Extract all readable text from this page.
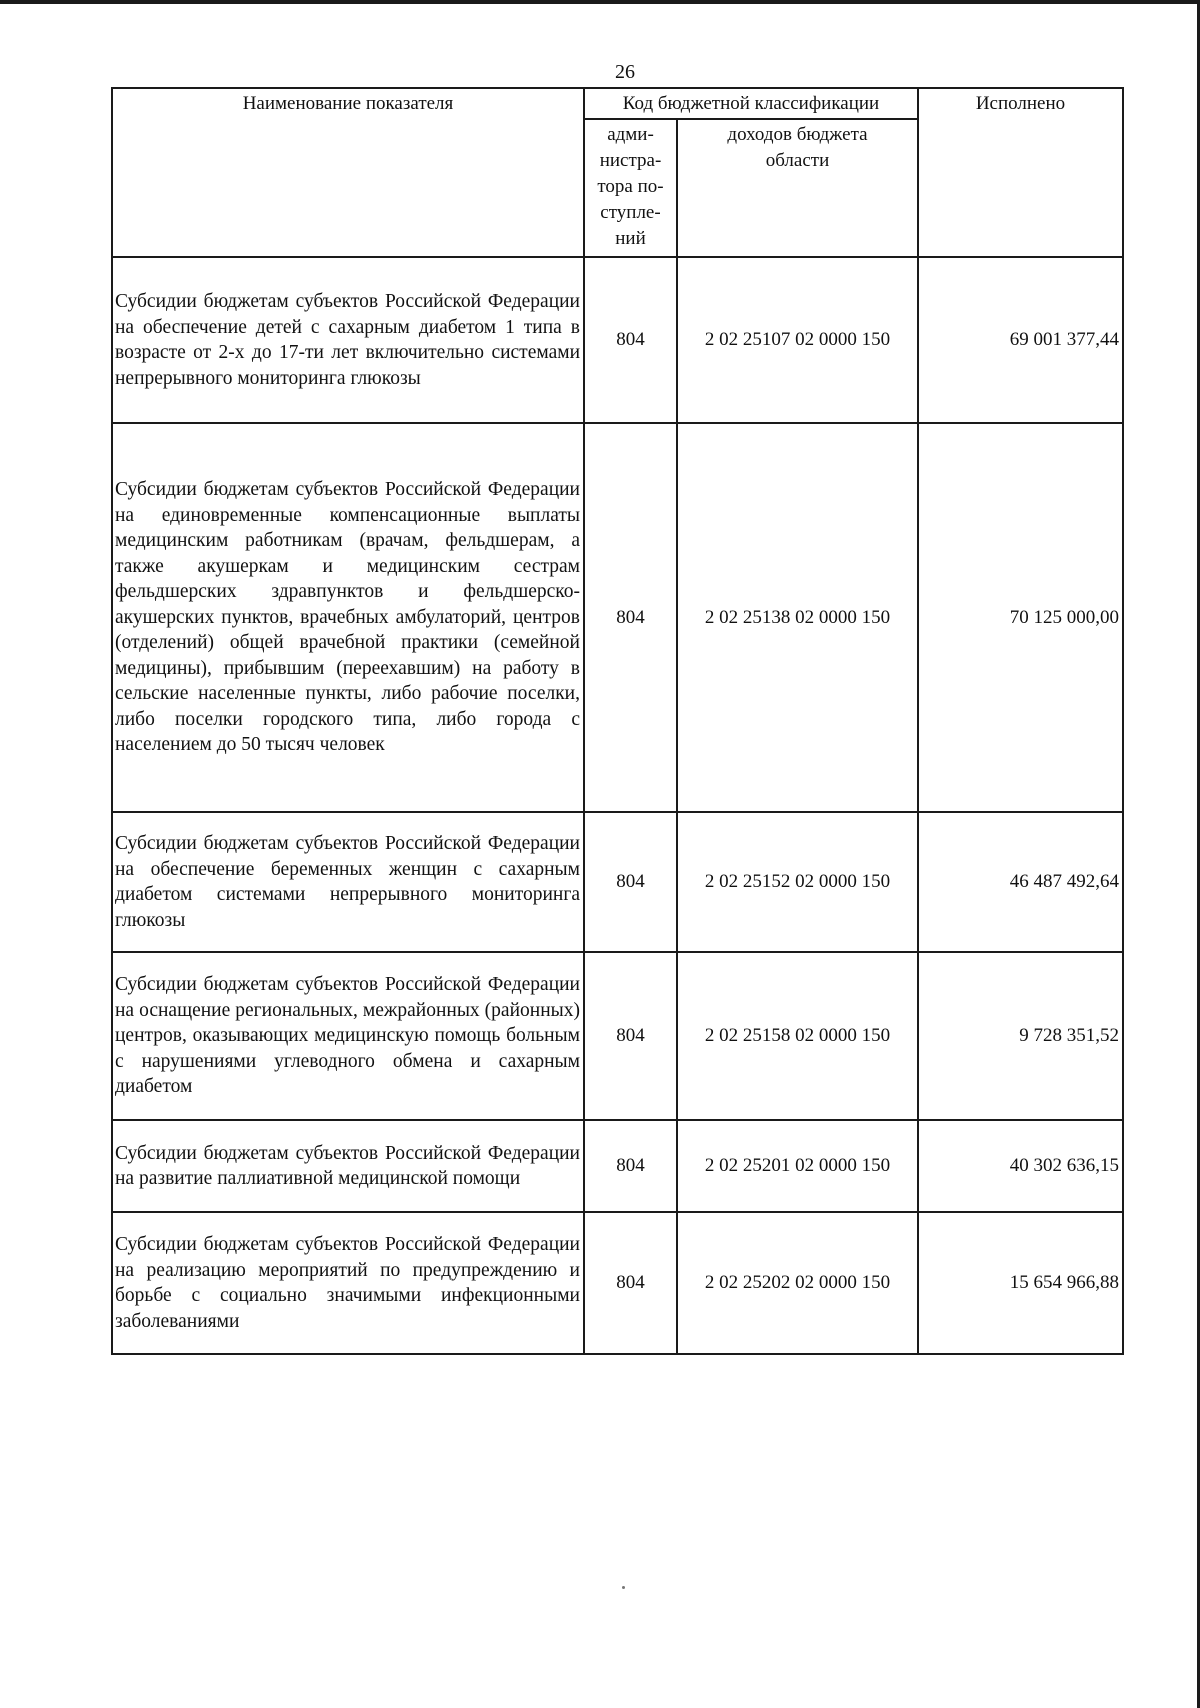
26
Наименование показателя	Код бюджетной классификации		Исполнено

	адми-нистра-тора по-ступле-ний	доходов бюджета области	

Субсидии бюджетам субъектов Российской Федерации на обеспечение детей с сахарным диабетом 1 типа в возрасте от 2-х до 17-ти лет включительно системами непрерывного мониторинга глюкозы	804	2 02 25107 02 0000 150	69 001 377,44
Субсидии бюджетам субъектов Российской Федерации на единовременные компенсационные выплаты медицинским работникам (врачам, фельдшерам, а также акушеркам и медицинским сестрам фельдшерских здравпунктов и фельдшерско-акушерских пунктов, врачебных амбулаторий, центров (отделений) общей врачебной практики (семейной медицины), прибывшим (переехавшим) на работу в сельские населенные пункты, либо рабочие поселки, либо поселки городского типа, либо города с населением до 50 тысяч человек	804	2 02 25138 02 0000 150	70 125 000,00
Субсидии бюджетам субъектов Российской Федерации на обеспечение беременных женщин с сахарным диабетом системами непрерывного мониторинга глюкозы	804	2 02 25152 02 0000 150	46 487 492,64
Субсидии бюджетам субъектов Российской Федерации на оснащение региональных, межрайонных (районных) центров, оказывающих медицинскую помощь больным с нарушениями углеводного обмена и сахарным диабетом	804	2 02 25158 02 0000 150	9 728 351,52
Субсидии бюджетам субъектов Российской Федерации на развитие паллиативной медицинской помощи	804	2 02 25201 02 0000 150	40 302 636,15
Субсидии бюджетам субъектов Российской Федерации на реализацию мероприятий по предупреждению и борьбе с социально значимыми инфекционными заболеваниями	804	2 02 25202 02 0000 150	15 654 966,88
